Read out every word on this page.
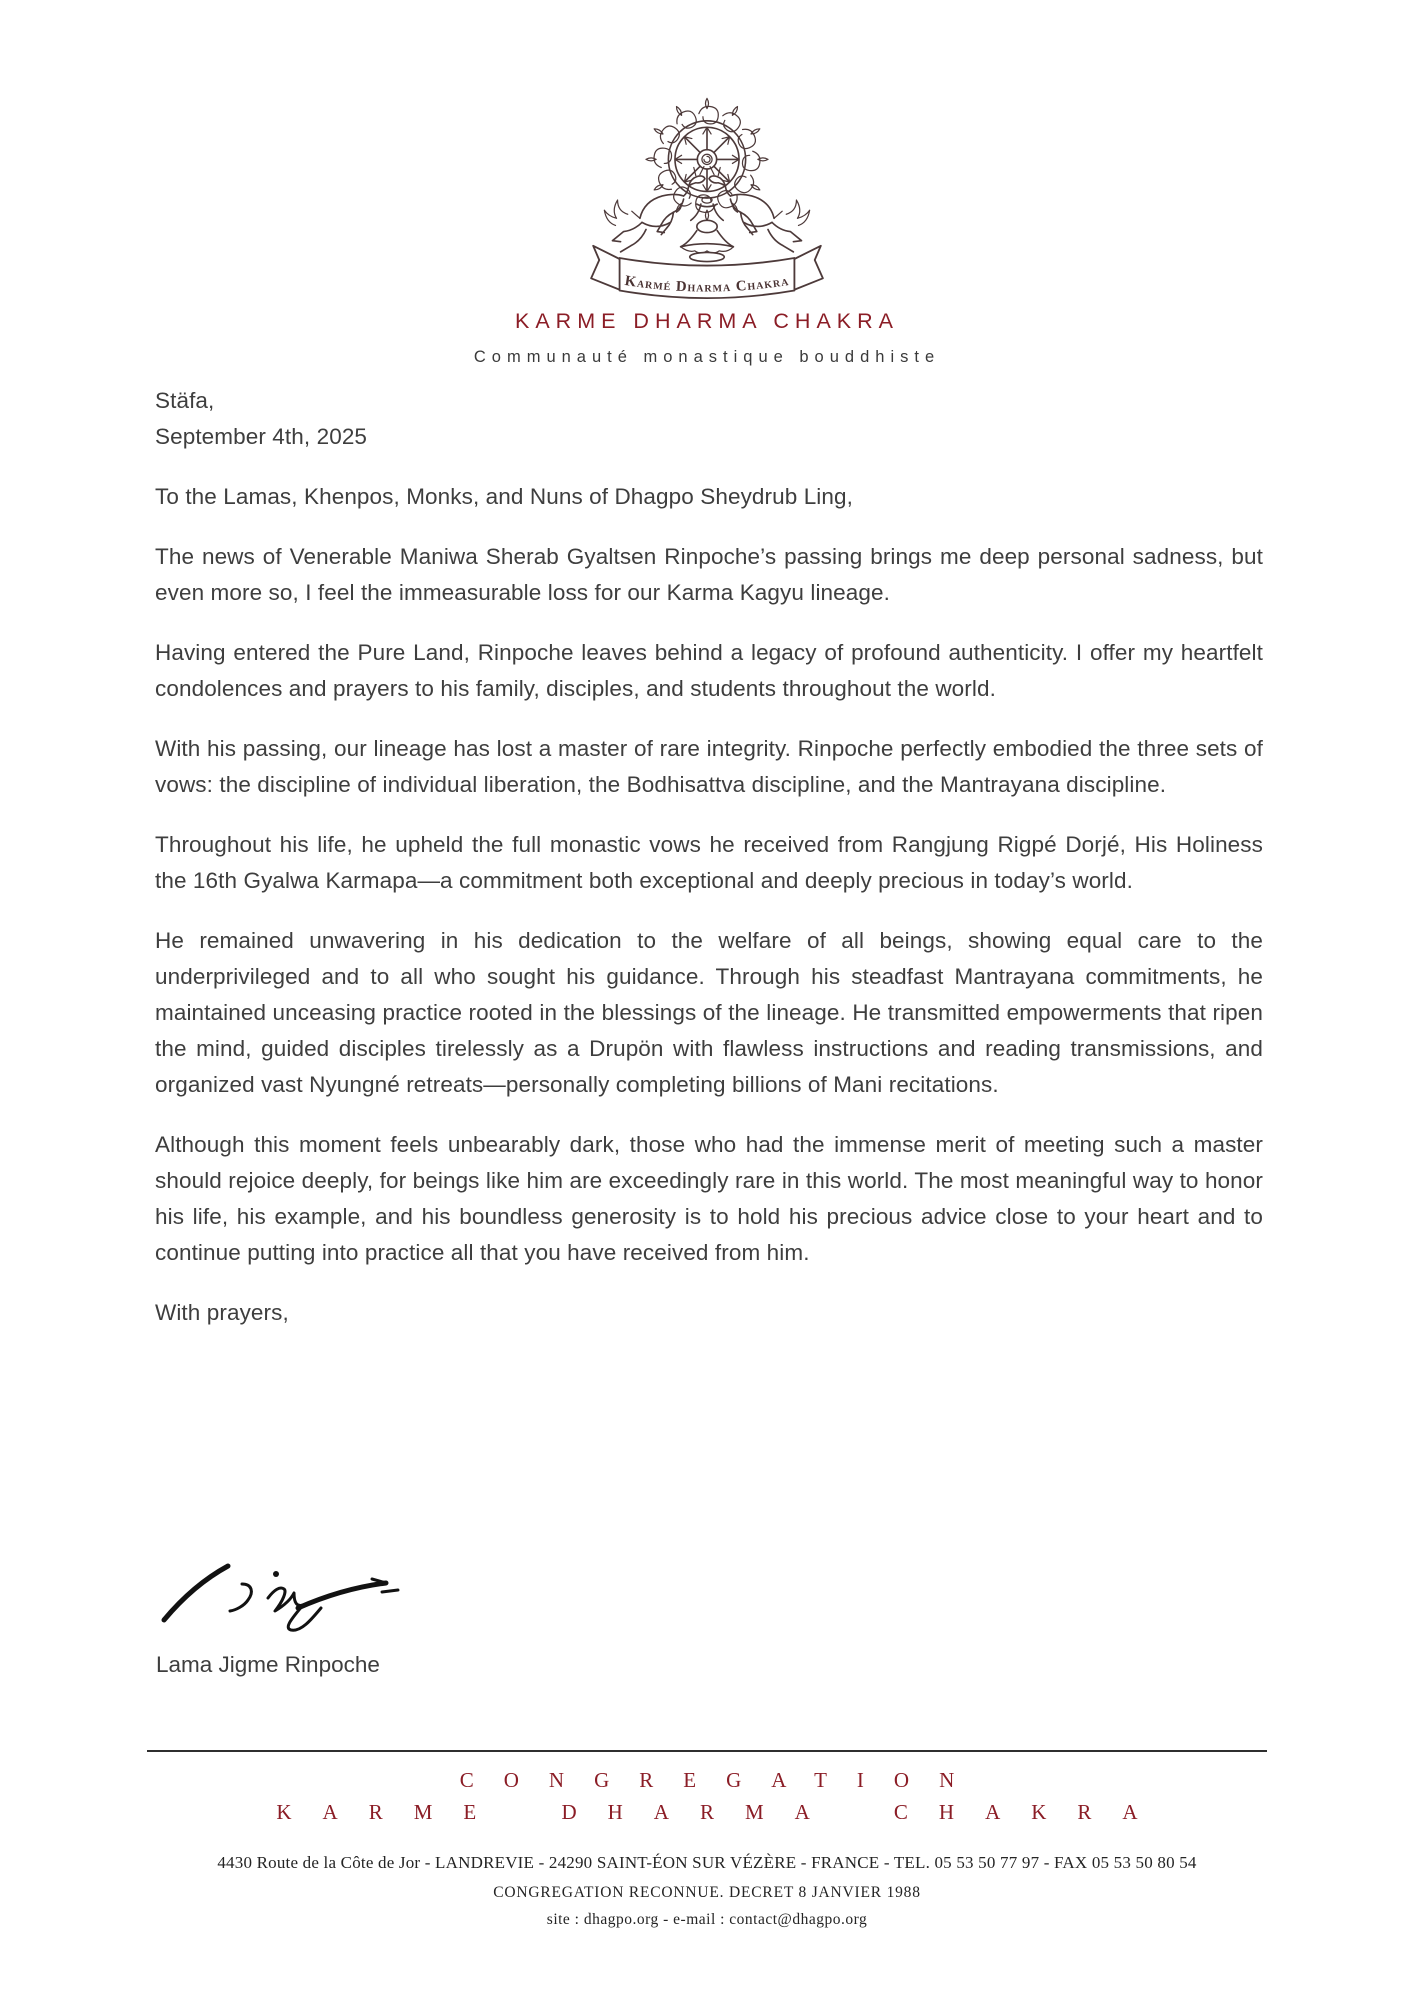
Karmé Dharma Chakra
KARME DHARMA CHAKRA
Communauté monastique bouddhiste
Stäfa,
September 4th, 2025

To the Lamas, Khenpos, Monks, and Nuns of Dhagpo Sheydrub Ling,

The news of Venerable Maniwa Sherab Gyaltsen Rinpoche’s passing brings me deep personal sadness, but even more so, I feel the immeasurable loss for our Karma Kagyu lineage.

Having entered the Pure Land, Rinpoche leaves behind a legacy of profound authenticity. I offer my heartfelt condolences and prayers to his family, disciples, and students throughout the world.

With his passing, our lineage has lost a master of rare integrity. Rinpoche perfectly embodied the three sets of vows: the discipline of individual liberation, the Bodhisattva discipline, and the Mantrayana discipline.

Throughout his life, he upheld the full monastic vows he received from Rangjung Rigpé Dorjé, His Holiness the 16th Gyalwa Karmapa—a commitment both exceptional and deeply precious in today’s world.

He remained unwavering in his dedication to the welfare of all beings, showing equal care to the underprivileged and to all who sought his guidance. Through his steadfast Mantrayana commitments, he maintained unceasing practice rooted in the blessings of the lineage. He transmitted empowerments that ripen the mind, guided disciples tirelessly as a Drupön with flawless instructions and reading transmissions, and organized vast Nyungné retreats—personally completing billions of Mani recitations.

Although this moment feels unbearably dark, those who had the immense merit of meeting such a master should rejoice deeply, for beings like him are exceedingly rare in this world. The most meaningful way to honor his life, his example, and his boundless generosity is to hold his precious advice close to your heart and to continue putting into practice all that you have received from him.

With prayers,

Lama Jigme Rinpoche
CONGREGATION
KARME DHARMA CHAKRA
4430 Route de la Côte de Jor - LANDREVIE - 24290 SAINT-ÉON SUR VÉZÈRE - FRANCE - TEL. 05 53 50 77 97 - FAX 05 53 50 80 54
CONGREGATION RECONNUE. DECRET 8 JANVIER 1988
site : dhagpo.org - e-mail : contact@dhagpo.org
